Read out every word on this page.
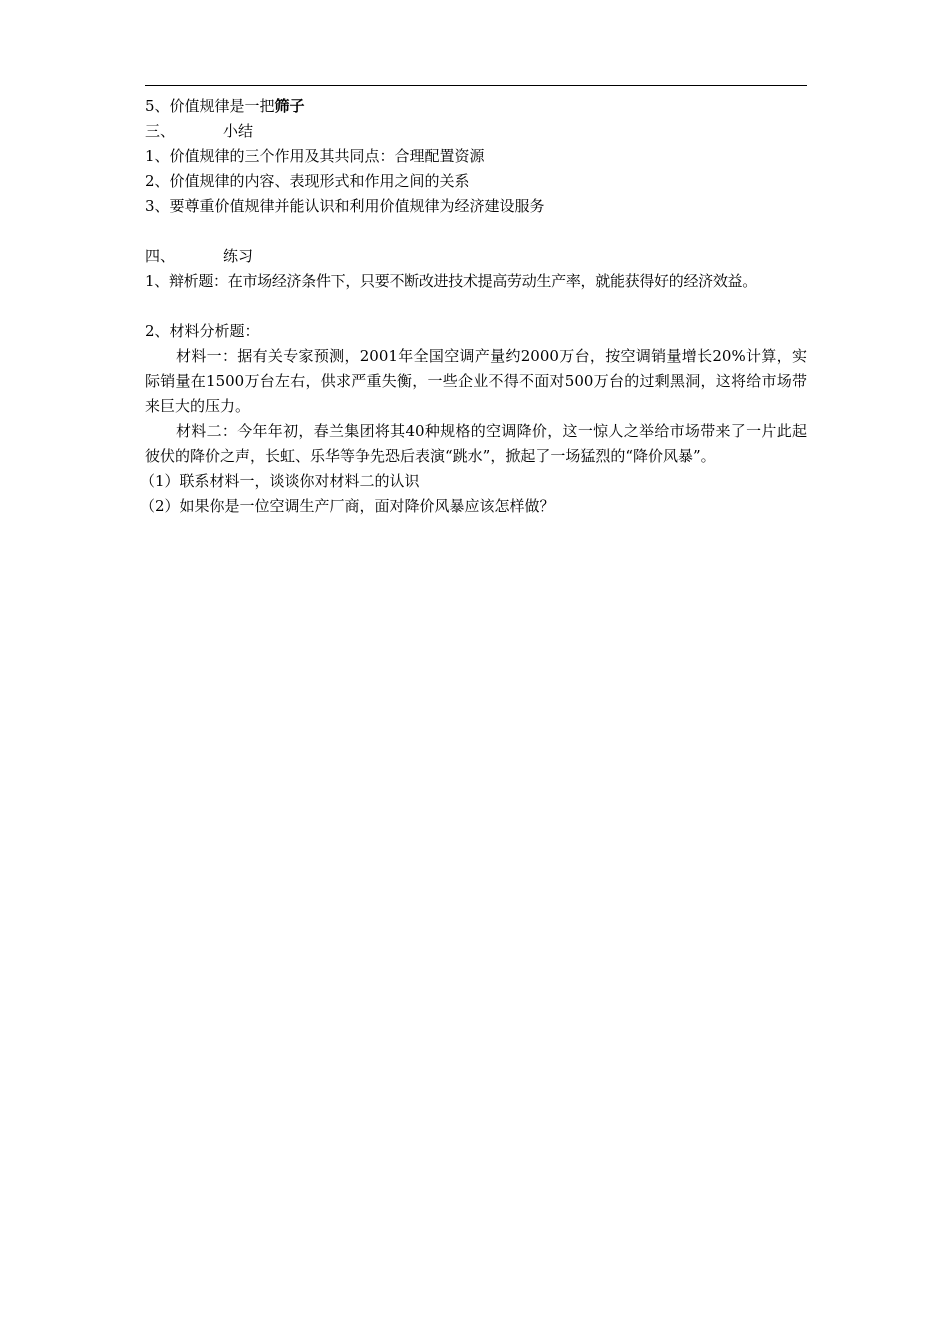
5、价值规律是一把筛子
三、	小结
1、价值规律的三个作用及其共同点：合理配置资源
2、价值规律的内容、表现形式和作用之间的关系
3、要尊重价值规律并能认识和利用价值规律为经济建设服务
四、	练习
1、辩析题：在市场经济条件下，只要不断改进技术提高劳动生产率，就能获得好的经济效益。
2、材料分析题：
材料一：据有关专家预测，2001年全国空调产量约2000万台，按空调销量增长20%计算，实际销量在1500万台左右，供求严重失衡，一些企业不得不面对500万台的过剩黑洞，这将给市场带来巨大的压力。
材料二：今年年初，春兰集团将其40种规格的空调降价，这一惊人之举给市场带来了一片此起彼伏的降价之声，长虹、乐华等争先恐后表演“跳水”，掀起了一场猛烈的“降价风暴”。
（1）联系材料一，谈谈你对材料二的认识
（2）如果你是一位空调生产厂商，面对降价风暴应该怎样做？
